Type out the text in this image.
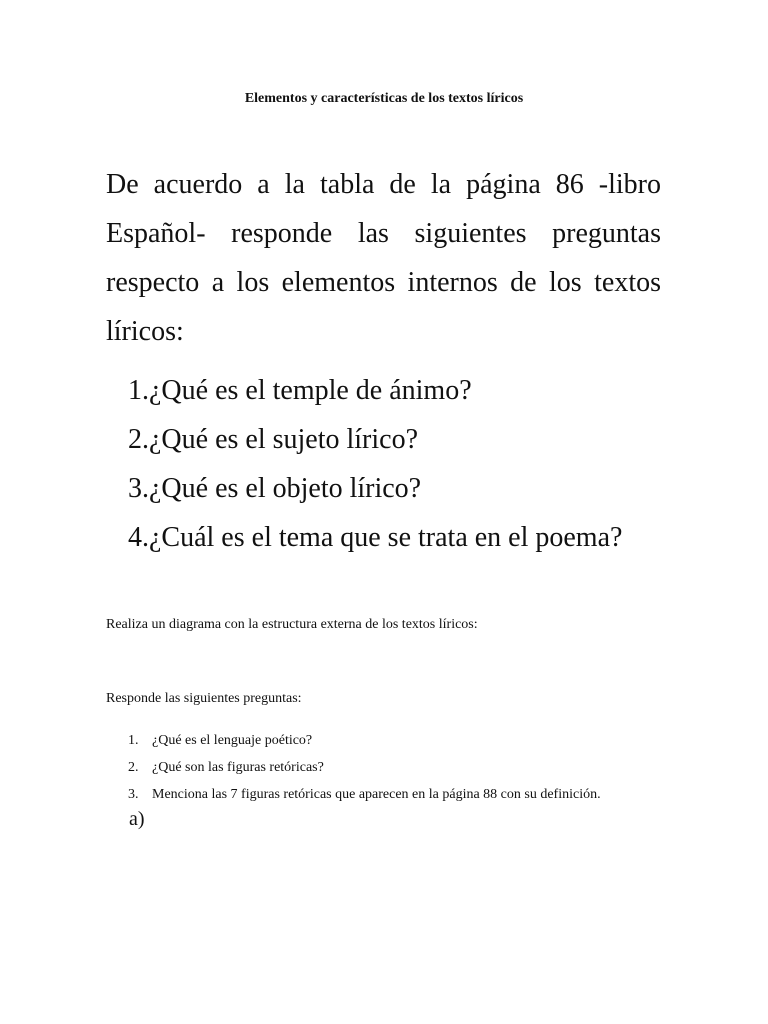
Elementos y características de los textos líricos

De acuerdo a la tabla de la página 86 -libro Español- responde las siguientes preguntas respecto a los elementos internos de los textos líricos:

1. ¿Qué es el temple de ánimo?
2. ¿Qué es el sujeto lírico?
3. ¿Qué es el objeto lírico?
4. ¿Cuál es el tema que se trata en el poema?

Realiza un diagrama con la estructura externa de los textos líricos:

Responde las siguientes preguntas:

1. ¿Qué es el lenguaje poético?
2. ¿Qué son las figuras retóricas?
3. Menciona las 7 figuras retóricas que aparecen en la página 88 con su definición.

a)
